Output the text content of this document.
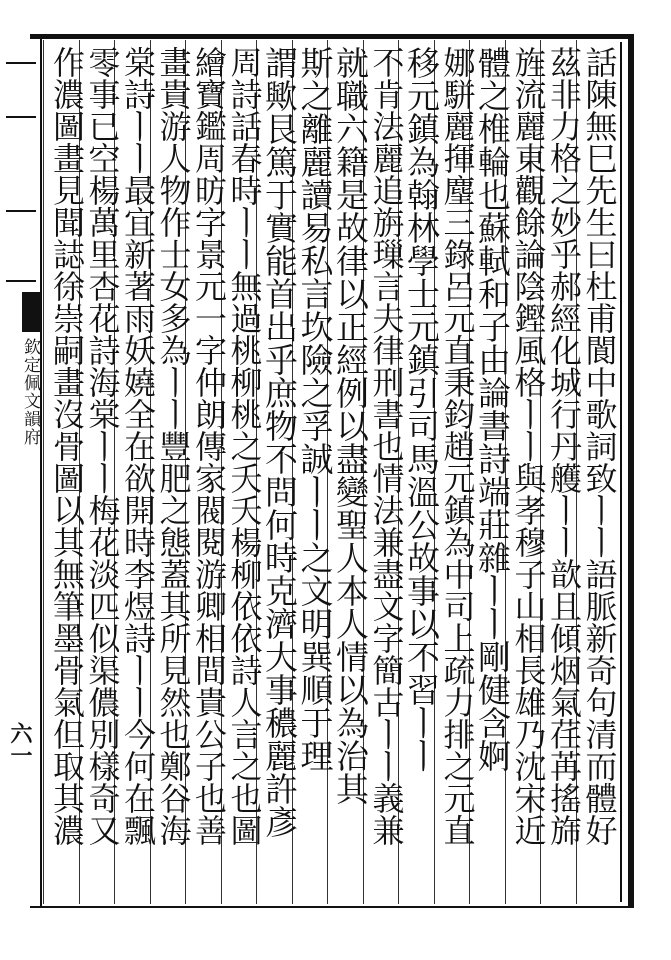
欽定佩文韻府
六一	話陳無巳先生曰杜甫閬中歌詞致ㅣㅣ語脈新奇句清而體好
茲非力格之妙乎郝經化城行丹艧ㅣㅣ歆且傾烟氣荏苒搖旆
旌流麗東觀餘論陰鏗風格ㅣㅣ與孝穆子山相長雄乃沈宋近
體之椎輪也蘇軾和子由論書詩端莊雜ㅣㅣ剛健含婀
娜駢麗揮麈三錄呂元直秉鈞趙元鎮為中司上疏力排之元直
移元鎮為翰林學士元鎮引司馬溫公故事以不習ㅣㅣ
不肯法麗追旃璅言夫律刑書也情法兼盡文字簡古ㅣㅣ義兼
就職六籍是故律以正經例以盡變聖人本人情以為治其
斯之離麗讀易私言坎險之孚誠ㅣㅣ之文明巽順于理
謂歟艮篤于實能首出乎庶物不問何時克濟大事穠麗許彥
周詩話春時ㅣㅣ無過桃柳桃之夭夭楊柳依依詩人言之也圖
繪寶鑑周昉字景元一字仲朗傳家閥閱游卿相間貴公子也善
畫貴游人物作士女多為ㅣㅣ豐肥之態蓋其所見然也鄭谷海
棠詩ㅣㅣ最宜新著雨妖嬈全在欲開時李煜詩ㅣㅣ今何在飄
零事已空楊萬里杏花詩海棠ㅣㅣ梅花淡匹似渠儂別樣奇又
作濃圖畫見聞誌徐崇嗣畫沒骨圖以其無筆墨骨氣但取其濃
